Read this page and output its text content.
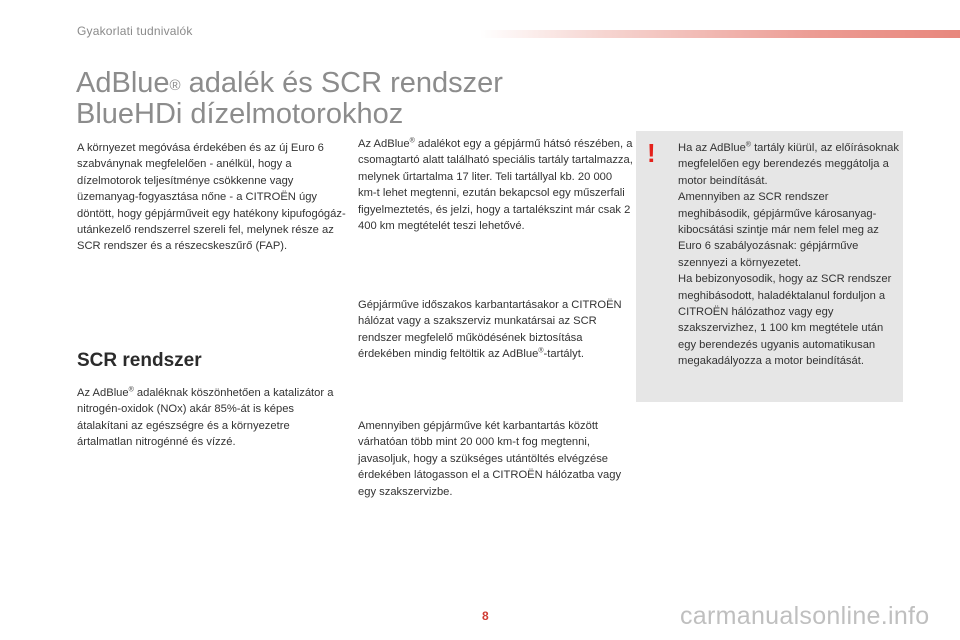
Gyakorlati tudnivalók
AdBlue® adalék és SCR rendszer
BlueHDi dízelmotorokhoz

A környezet megóvása érdekében és az új Euro 6 szabványnak megfelelően - anélkül, hogy a dízelmotorok teljesítménye csökkenne vagy üzemanyag-fogyasztása nőne - a CITROËN úgy döntött, hogy gépjárműveit egy hatékony kipufogógáz-utánkezelő rendszerrel szereli fel, melynek része az SCR rendszer és a részecskeszűrő (FAP).

SCR rendszer

Az AdBlue® adaléknak köszönhetően a katalizátor a nitrogén-oxidok (NOx) akár 85%-át is képes átalakítani az egészségre és a környezetre ártalmatlan nitrogénné és vízzé.

Az AdBlue® adalékot egy a gépjármű hátsó részében, a csomagtartó alatt található speciális tartály tartalmazza, melynek űrtartalma 17 liter. Teli tartállyal kb. 20 000 km-t lehet megtenni, ezután bekapcsol egy műszerfali figyelmeztetés, és jelzi, hogy a tartalékszint már csak 2 400 km megtételét teszi lehetővé.

Gépjárműve időszakos karbantartásakor a CITROËN hálózat vagy a szakszerviz munkatársai az SCR rendszer megfelelő működésének biztosítása érdekében mindig feltöltik az AdBlue®-tartályt.

Amennyiben gépjárműve két karbantartás között várhatóan több mint 20 000 km-t fog megtenni, javasoljuk, hogy a szükséges utántöltés elvégzése érdekében látogasson el a CITROËN hálózatba vagy egy szakszervizbe.

! Ha az AdBlue® tartály kiürül, az előírásoknak megfelelően egy berendezés meggátolja a motor beindítását.
Amennyiben az SCR rendszer meghibásodik, gépjárműve károsanyag-kibocsátási szintje már nem felel meg az Euro 6 szabályozásnak: gépjárműve szennyezi a környezetet.
Ha bebizonyosodik, hogy az SCR rendszer meghibásodott, haladéktalanul forduljon a CITROËN hálózathoz vagy egy szakszervizhez, 1 100 km megtétele után egy berendezés ugyanis automatikusan megakadályozza a motor beindítását.

8	carmanualsonline.info
